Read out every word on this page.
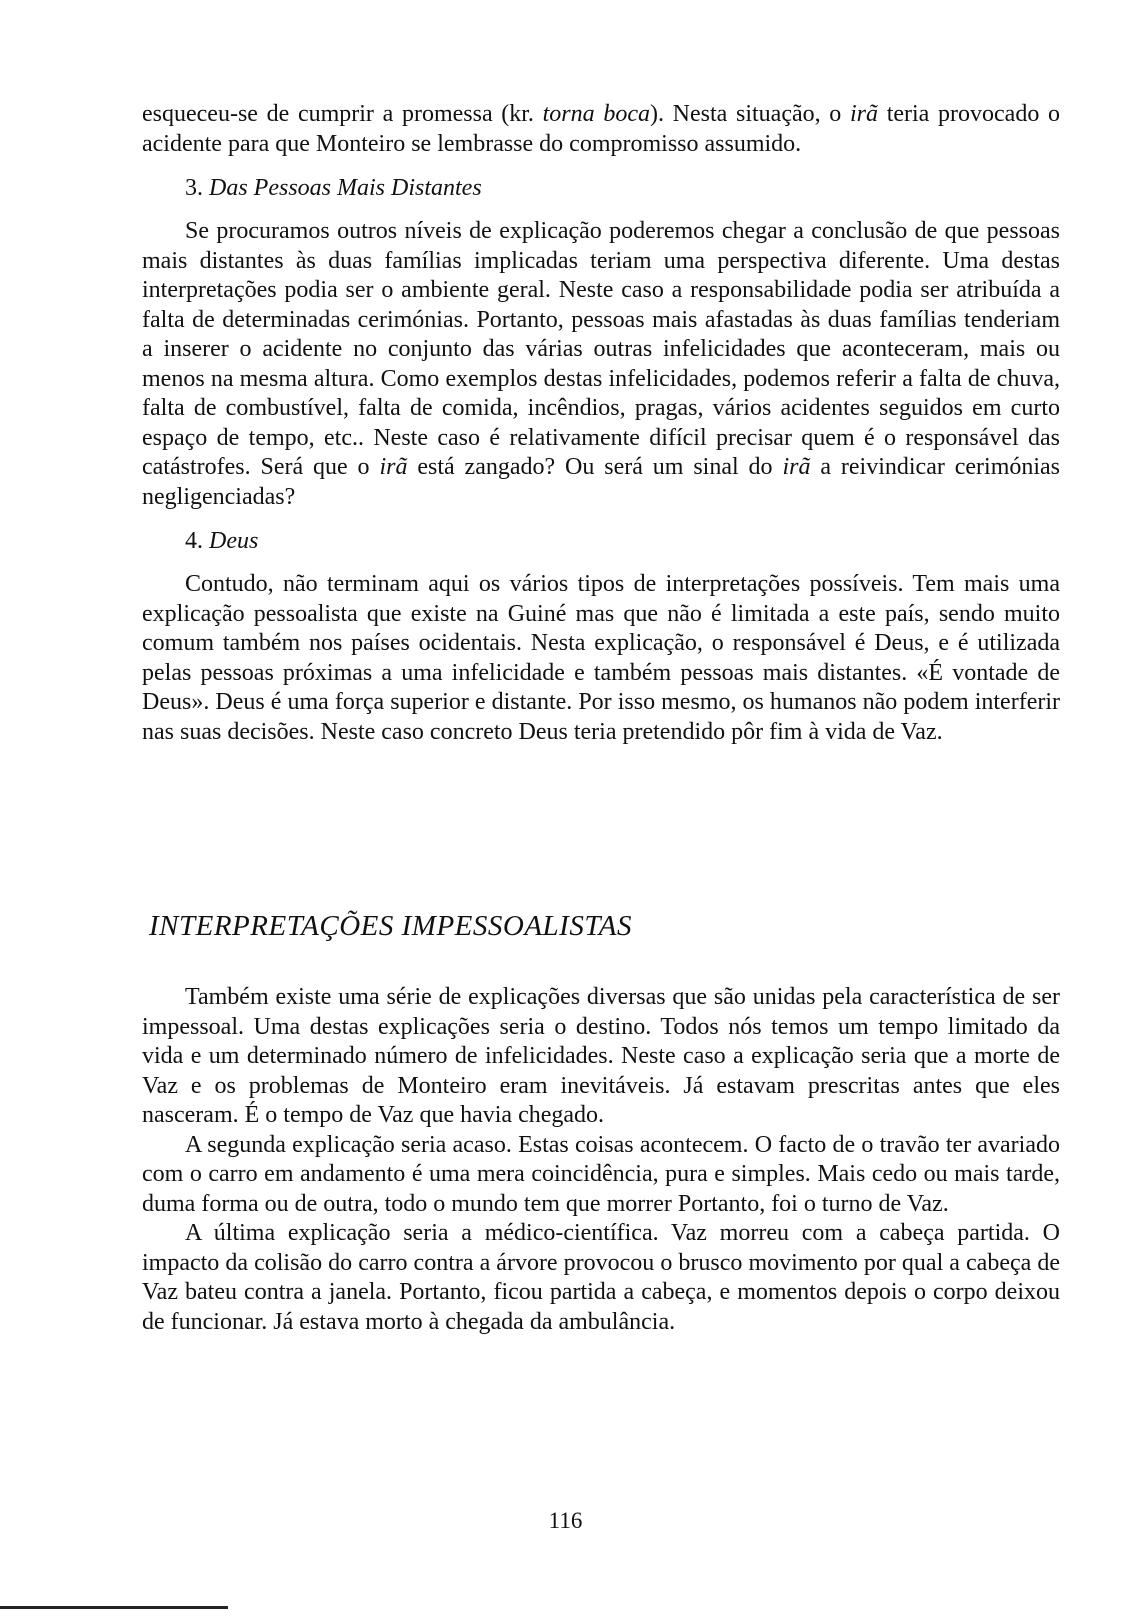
esqueceu-se de cumprir a promessa (kr. torna boca). Nesta situação, o irã teria provocado o acidente para que Monteiro se lembrasse do compromisso assumido.

3. Das Pessoas Mais Distantes

Se procuramos outros níveis de explicação poderemos chegar a conclusão de que pessoas mais distantes às duas famílias implicadas teriam uma perspectiva diferente. Uma destas interpretações podia ser o ambiente geral. Neste caso a responsabilidade podia ser atribuída a falta de determinadas cerimónias. Portanto, pessoas mais afastadas às duas famílias tenderiam a inserer o acidente no conjunto das várias outras infelicidades que aconteceram, mais ou menos na mesma altura. Como exemplos destas infelicidades, podemos referir a falta de chuva, falta de combustível, falta de comida, incêndios, pragas, vários acidentes seguidos em curto espaço de tempo, etc.. Neste caso é relativamente difícil precisar quem é o responsável das catástrofes. Será que o irã está zangado? Ou será um sinal do irã a reivindicar cerimónias negligenciadas?

4. Deus

Contudo, não terminam aqui os vários tipos de interpretações possíveis. Tem mais uma explicação pessoalista que existe na Guiné mas que não é limitada a este país, sendo muito comum também nos países ocidentais. Nesta explicação, o responsável é Deus, e é utilizada pelas pessoas próximas a uma infelicidade e também pessoas mais distantes. «É vontade de Deus». Deus é uma força superior e distante. Por isso mesmo, os humanos não podem interferir nas suas decisões. Neste caso concreto Deus teria pretendido pôr fim à vida de Vaz.

INTERPRETAÇÕES IMPESSOALISTAS

Também existe uma série de explicações diversas que são unidas pela característica de ser impessoal. Uma destas explicações seria o destino. Todos nós temos um tempo limitado da vida e um determinado número de infelicidades. Neste caso a explicação seria que a morte de Vaz e os problemas de Monteiro eram inevitáveis. Já estavam prescritas antes que eles nasceram. É o tempo de Vaz que havia chegado.

A segunda explicação seria acaso. Estas coisas acontecem. O facto de o travão ter avariado com o carro em andamento é uma mera coincidência, pura e simples. Mais cedo ou mais tarde, duma forma ou de outra, todo o mundo tem que morrer Portanto, foi o turno de Vaz.

A última explicação seria a médico-científica. Vaz morreu com a cabeça partida. O impacto da colisão do carro contra a árvore provocou o brusco movimento por qual a cabeça de Vaz bateu contra a janela. Portanto, ficou partida a cabeça, e momentos depois o corpo deixou de funcionar. Já estava morto à chegada da ambulância.

116
